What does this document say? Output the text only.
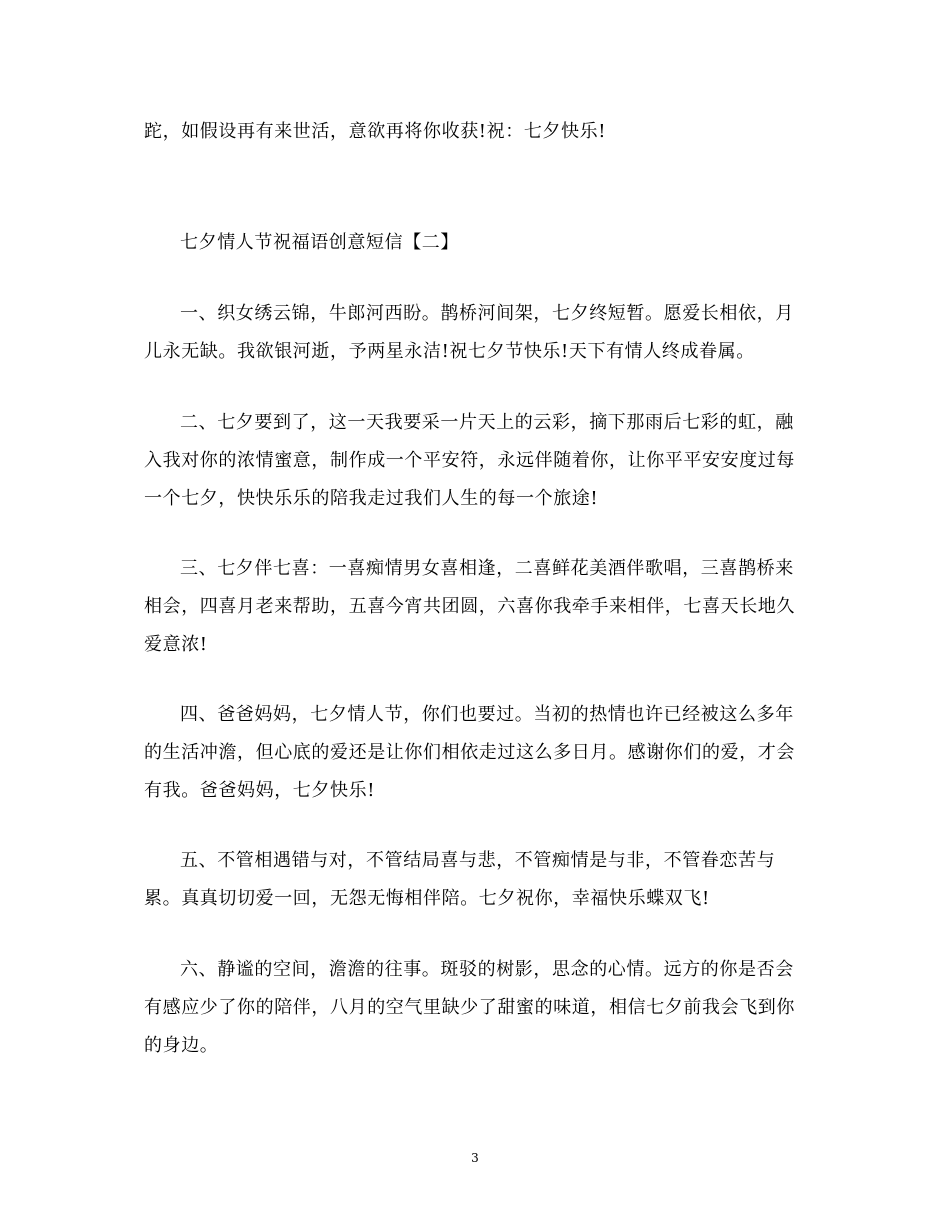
跎，如假设再有来世活，意欲再将你收获!祝：七夕快乐!
七夕情人节祝福语创意短信【二】
一、织女绣云锦，牛郎河西盼。鹊桥河间架，七夕终短暂。愿爱长相依，月
儿永无缺。我欲银河逝，予两星永洁!祝七夕节快乐!天下有情人终成眷属。
二、七夕要到了，这一天我要采一片天上的云彩，摘下那雨后七彩的虹，融
入我对你的浓情蜜意，制作成一个平安符，永远伴随着你，让你平平安安度过每
一个七夕，快快乐乐的陪我走过我们人生的每一个旅途!
三、七夕伴七喜：一喜痴情男女喜相逢，二喜鲜花美酒伴歌唱，三喜鹊桥来
相会，四喜月老来帮助，五喜今宵共团圆，六喜你我牵手来相伴，七喜天长地久
爱意浓!
四、爸爸妈妈，七夕情人节，你们也要过。当初的热情也许已经被这么多年
的生活冲澹，但心底的爱还是让你们相依走过这么多日月。感谢你们的爱，才会
有我。爸爸妈妈，七夕快乐!
五、不管相遇错与对，不管结局喜与悲，不管痴情是与非，不管眷恋苦与
累。真真切切爱一回，无怨无悔相伴陪。七夕祝你，幸福快乐蝶双飞!
六、静谧的空间，澹澹的往事。斑驳的树影，思念的心情。远方的你是否会
有感应少了你的陪伴，八月的空气里缺少了甜蜜的味道，相信七夕前我会飞到你
的身边。
3
